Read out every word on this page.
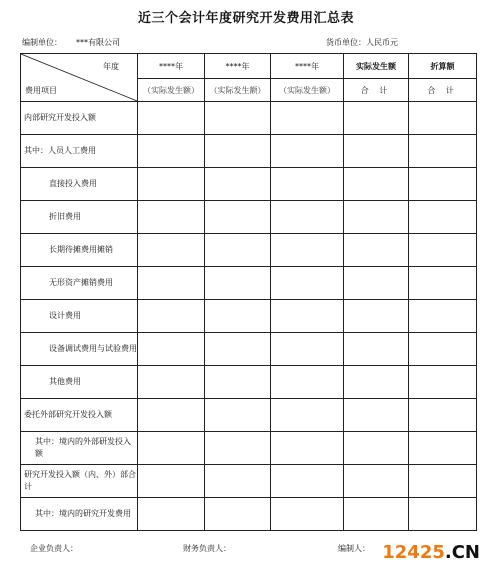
近三个会计年度研究开发费用汇总表
编制单位： ***有限公司	货币单位：人民币元
年度
费用项目	****年	****年	****年	实际发生额	折算额
	（实际发生额）	（实际发生额）	（实际发生额）	合 计	合 计
内部研究开发投入额					
其中：人员人工费用					
直接投入费用					
折旧费用					
长期待摊费用摊销					
无形资产摊销费用					
设计费用					
设备调试费用与试验费用					
其他费用					
委托外部研究开发投入额					
其中：境内的外部研发投入额					
研究开发投入额（内、外）部合计					
其中：境内的研究开发费用					
企业负责人：	财务负责人：	编制人： 12425.CN
